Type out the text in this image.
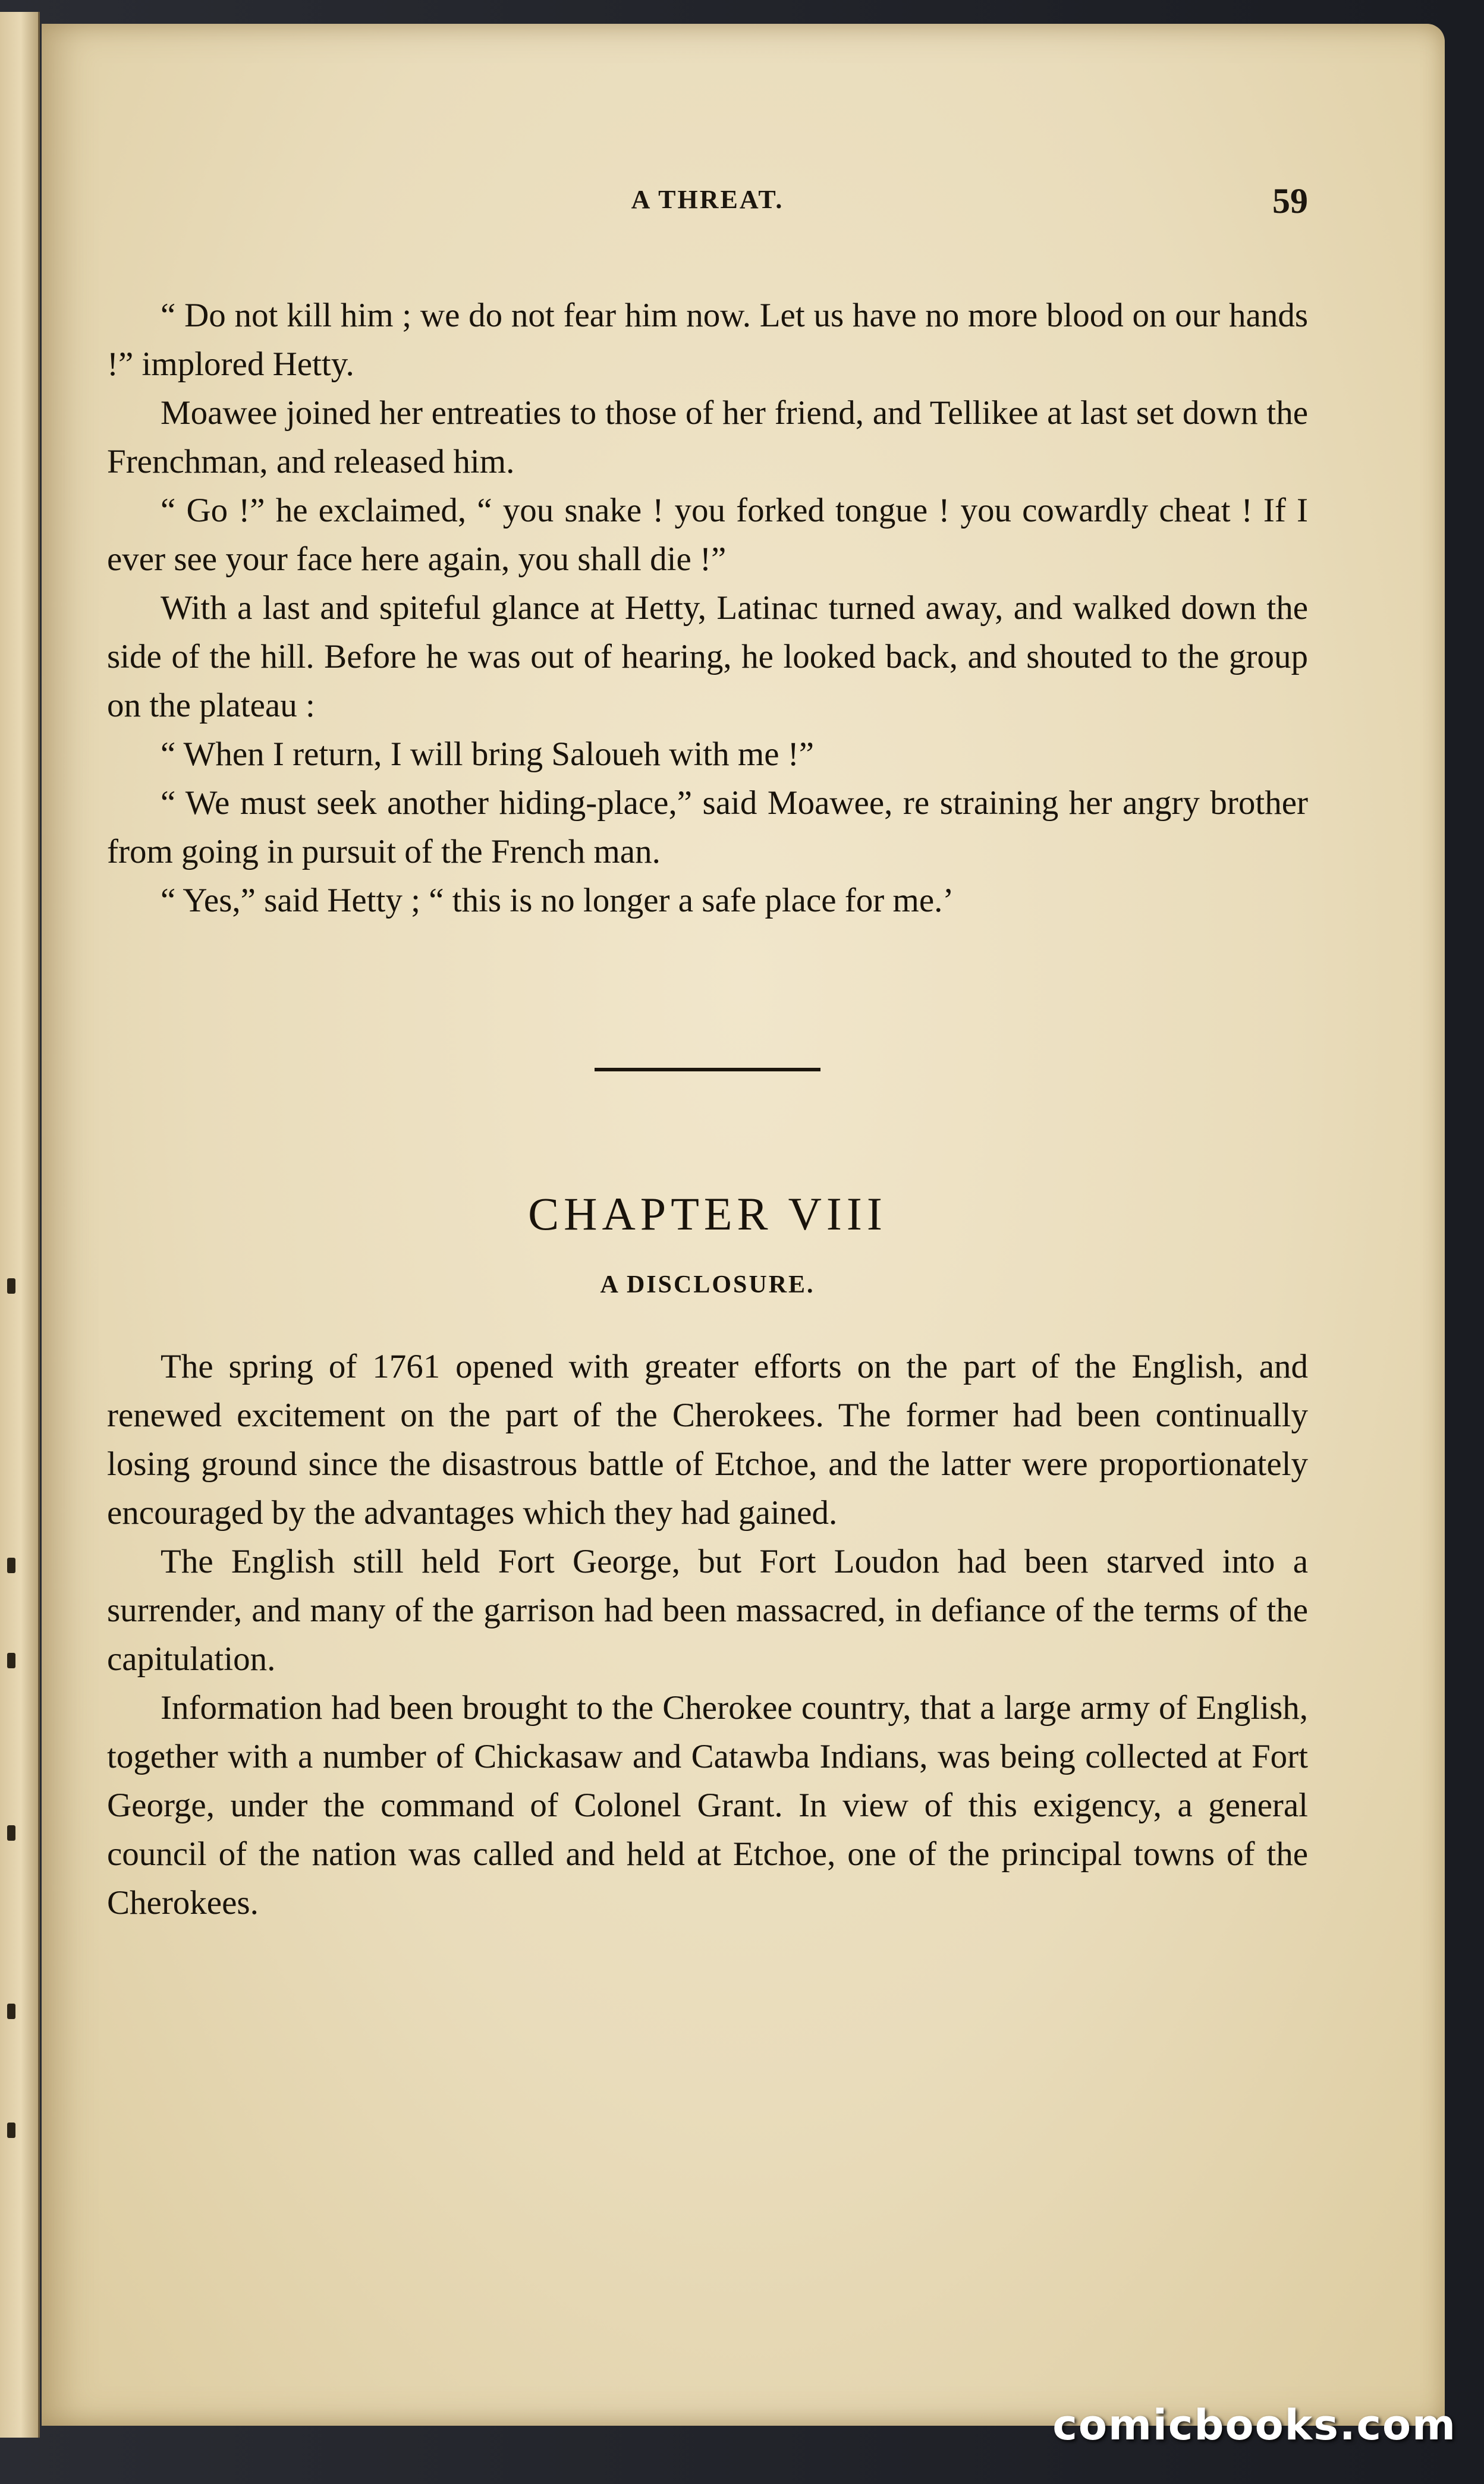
A THREAT.	59

“ Do not kill him ; we do not fear him now. Let us have no more blood on our hands !” implored Hetty.

Moawee joined her entreaties to those of her friend, and Tellikee at last set down the Frenchman, and released him.

“ Go !” he exclaimed, “ you snake ! you forked tongue ! you cowardly cheat ! If I ever see your face here again, you shall die !”

With a last and spiteful glance at Hetty, Latinac turned away, and walked down the side of the hill. Before he was out of hearing, he looked back, and shouted to the group on the plateau :

“ When I return, I will bring Saloueh with me !”

“ We must seek another hiding-place,” said Moawee, re straining her angry brother from going in pursuit of the French man.

“ Yes,” said Hetty ; “ this is no longer a safe place for me.’

CHAPTER VIII
A DISCLOSURE.

The spring of 1761 opened with greater efforts on the part of the English, and renewed excitement on the part of the Cherokees. The former had been continually losing ground since the disastrous battle of Etchoe, and the latter were proportionately encouraged by the advantages which they had gained.

The English still held Fort George, but Fort Loudon had been starved into a surrender, and many of the garrison had been massacred, in defiance of the terms of the capitulation.

Information had been brought to the Cherokee country, that a large army of English, together with a number of Chickasaw and Catawba Indians, was being collected at Fort George, under the command of Colonel Grant. In view of this exigency, a general council of the nation was called and held at Etchoe, one of the principal towns of the Cherokees.

comicbooks.com
